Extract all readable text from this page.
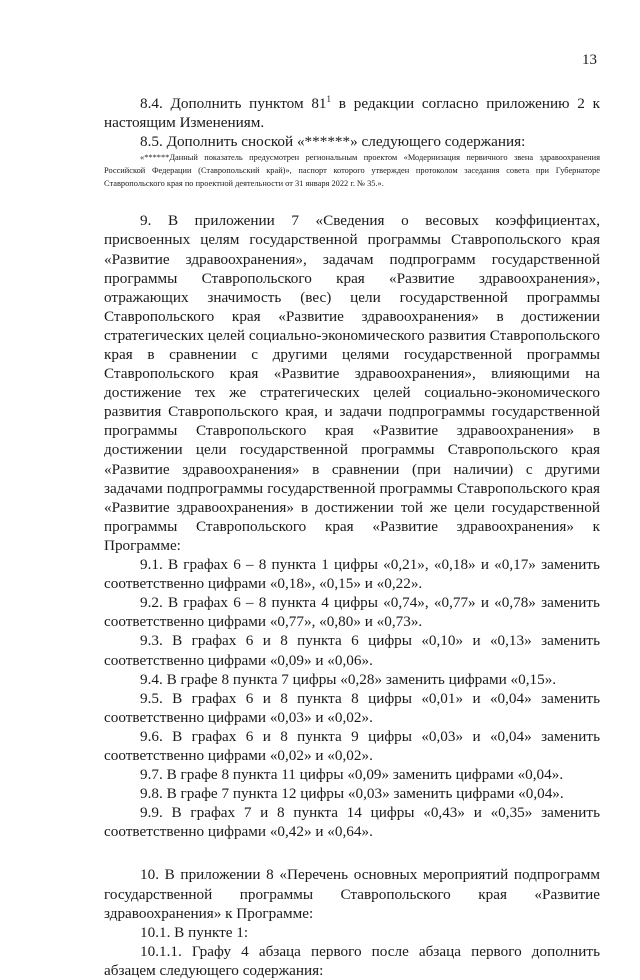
13

8.4. Дополнить пунктом $81^1$ в редакции согласно приложению 2 к настоящим Изменениям.

8.5. Дополнить сноской «******» следующего содержания:

«******Данный показатель предусмотрен региональным проектом «Модернизация первичного звена здравоохранения Российской Федерации (Ставропольский край)», паспорт которого утвержден протоколом заседания совета при Губернаторе Ставропольского края по проектной деятельности от 31 января 2022 г. № 35.».

9. В приложении 7 «Сведения о весовых коэффициентах, присвоенных целям государственной программы Ставропольского края «Развитие здравоохранения», задачам подпрограмм государственной программы Ставропольского края «Развитие здравоохранения», отражающих значимость (вес) цели государственной программы Ставропольского края «Развитие здравоохранения» в достижении стратегических целей социально-экономического развития Ставропольского края в сравнении с другими целями государственной программы Ставропольского края «Развитие здравоохранения», влияющими на достижение тех же стратегических целей социально-экономического развития Ставропольского края, и задачи подпрограммы государственной программы Ставропольского края «Развитие здравоохранения» в достижении цели государственной программы Ставропольского края «Развитие здравоохранения» в сравнении (при наличии) с другими задачами подпрограммы государственной программы Ставропольского края «Развитие здравоохранения» в достижении той же цели государственной программы Ставропольского края «Развитие здравоохранения» к Программе:

9.1. В графах 6 – 8 пункта 1 цифры «0,21», «0,18» и «0,17» заменить соответственно цифрами «0,18», «0,15» и «0,22».

9.2. В графах 6 – 8 пункта 4 цифры «0,74», «0,77» и «0,78» заменить соответственно цифрами «0,77», «0,80» и «0,73».

9.3. В графах 6 и 8 пункта 6 цифры «0,10» и «0,13» заменить соответственно цифрами «0,09» и «0,06».

9.4. В графе 8 пункта 7 цифры «0,28» заменить цифрами «0,15».

9.5. В графах 6 и 8 пункта 8 цифры «0,01» и «0,04» заменить соответственно цифрами «0,03» и «0,02».

9.6. В графах 6 и 8 пункта 9 цифры «0,03» и «0,04» заменить соответственно цифрами «0,02» и «0,02».

9.7. В графе 8 пункта 11 цифры «0,09» заменить цифрами «0,04».

9.8. В графе 7 пункта 12 цифры «0,03» заменить цифрами «0,04».

9.9. В графах 7 и 8 пункта 14 цифры «0,43» и «0,35» заменить соответственно цифрами «0,42» и «0,64».

10. В приложении 8 «Перечень основных мероприятий подпрограмм государственной программы Ставропольского края «Развитие здравоохранения» к Программе:

10.1. В пункте 1:

10.1.1. Графу 4 абзаца первого после абзаца первого дополнить абзацем следующего содержания:
